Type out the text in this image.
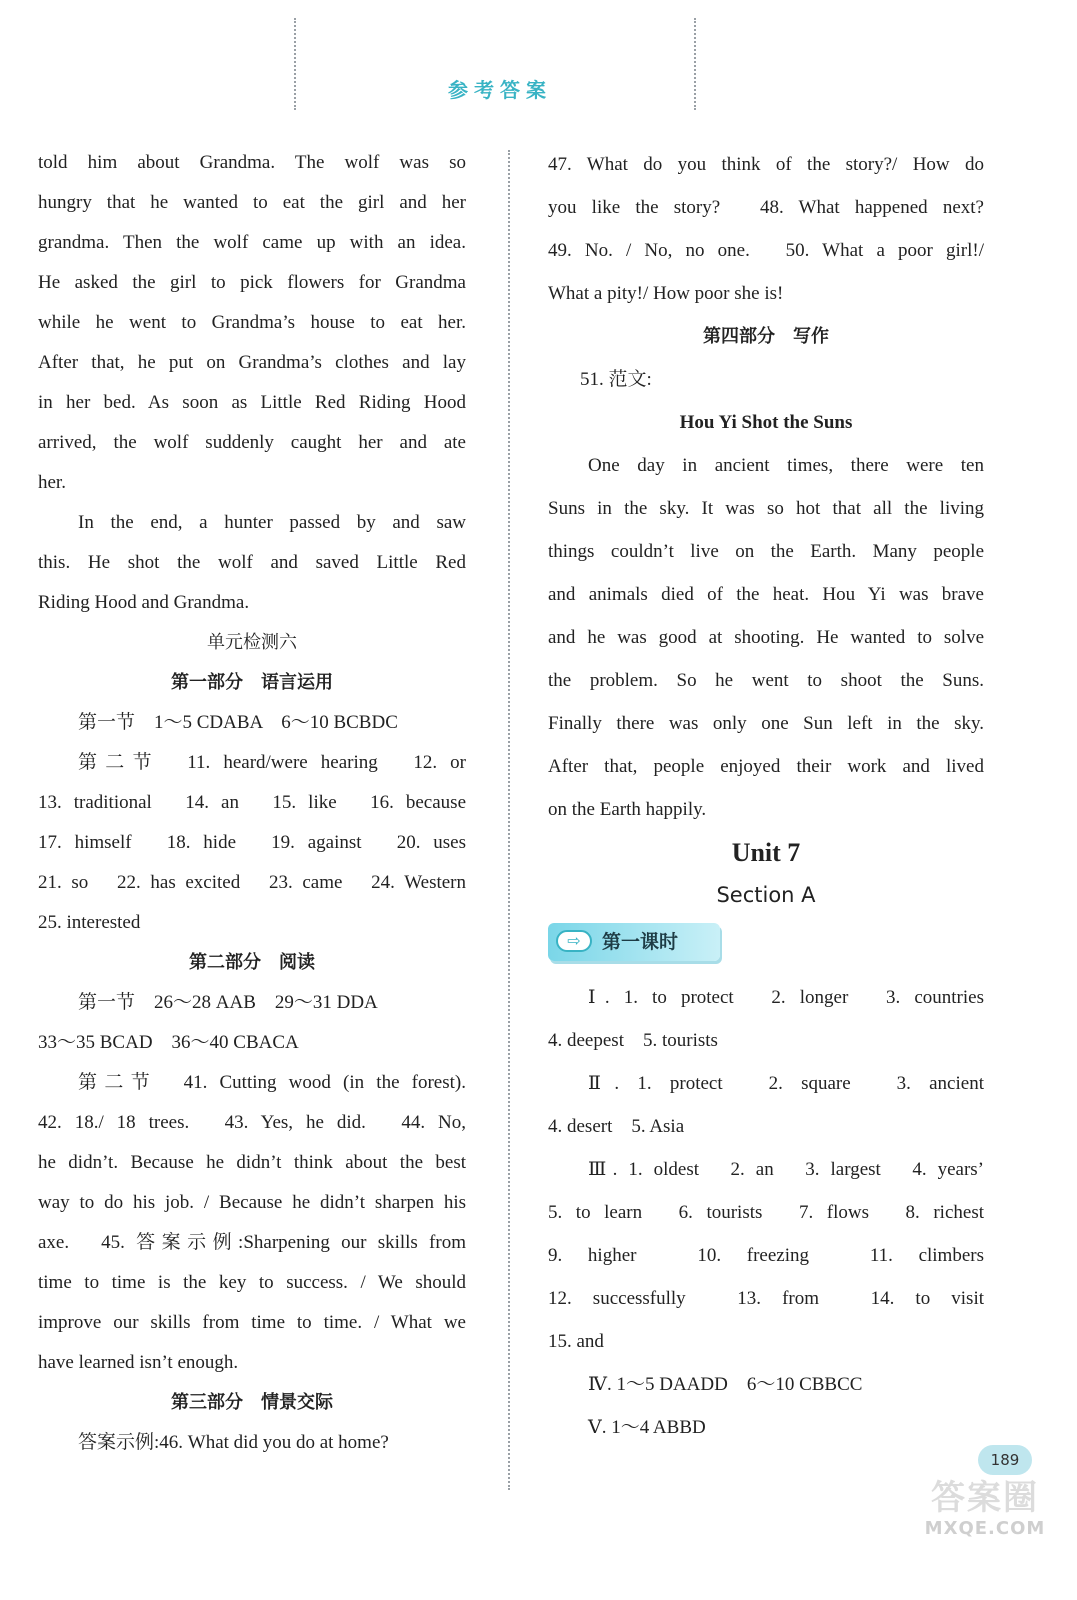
参考答案
told him about Grandma. The wolf was so
hungry that he wanted to eat the girl and her
grandma. Then the wolf came up with an idea.
He asked the girl to pick flowers for Grandma
while he went to Grandma’s house to eat her.
After that, he put on Grandma’s clothes and lay
in her bed. As soon as Little Red Riding Hood
arrived, the wolf suddenly caught her and ate
her.
In the end, a hunter passed by and saw
this. He shot the wolf and saved Little Red
Riding Hood and Grandma.
单元检测六
第一部分　语言运用
第一节　1～5 CDABA　6～10 BCBDC
第二节　11. heard/were hearing　12. or
13. traditional　14. an　15. like　16. because
17. himself　18. hide　19. against　20. uses
21. so　22. has excited　23. came　24. Western
25. interested
第二部分　阅读
第一节　26～28 AAB　29～31 DDA
33～35 BCAD　36～40 CBACA
第二节　41. Cutting wood (in the forest).
42. 18./ 18 trees.　43. Yes, he did.　44. No,
he didn’t. Because he didn’t think about the best
way to do his job. / Because he didn’t sharpen his
axe.　45. 答案示例:Sharpening our skills from
time to time is the key to success. / We should
improve our skills from time to time. / What we
have learned isn’t enough.
第三部分　情景交际
答案示例:46. What did you do at home?
47. What do you think of the story?/ How do
you like the story?　48. What happened next?
49. No. / No, no one.　50. What a poor girl!/
What a pity!/ How poor she is!
第四部分　写作
51. 范文:
Hou Yi Shot the Suns
One day in ancient times, there were ten
Suns in the sky. It was so hot that all the living
things couldn’t live on the Earth. Many people
and animals died of the heat. Hou Yi was brave
and he was good at shooting. He wanted to solve
the problem. So he went to shoot the Suns.
Finally there was only one Sun left in the sky.
After that, people enjoyed their work and lived
on the Earth happily.
Unit 7
Section A
⇨	第一课时
Ⅰ. 1. to protect　2. longer　3. countries
4. deepest　5. tourists
Ⅱ. 1. protect　2. square　3. ancient
4. desert　5. Asia
Ⅲ. 1. oldest　2. an　3. largest　4. years’
5. to learn　6. tourists　7. flows　8. richest
9. higher　10. freezing　11. climbers
12. successfully　13. from　14. to visit
15. and
Ⅳ. 1～5 DAADD　6～10 CBBCC
Ⅴ. 1～4 ABBD
189
答案圈
MXQE.COM
